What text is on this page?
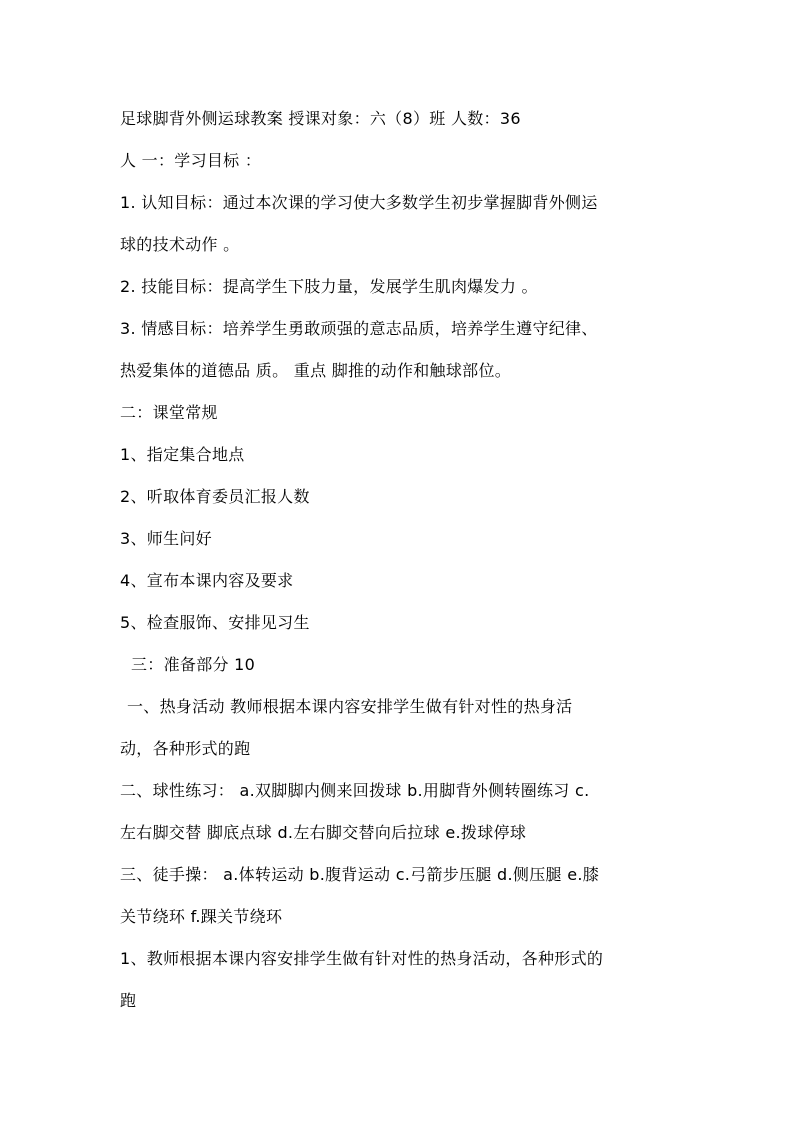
足球脚背外侧运球教案 授课对象：六（8）班 人数：36
人 一：学习目标 ：
1. 认知目标：通过本次课的学习使大多数学生初步掌握脚背外侧运
球的技术动作 。
2. 技能目标：提高学生下肢力量，发展学生肌肉爆发力 。
3. 情感目标：培养学生勇敢顽强的意志品质，培养学生遵守纪律、
热爱集体的道德品 质。 重点 脚推的动作和触球部位。
二：课堂常规
1、指定集合地点
2、听取体育委员汇报人数
3、师生问好
4、宣布本课内容及要求
5、检查服饰、安排见习生
三：准备部分 10
一、热身活动 教师根据本课内容安排学生做有针对性的热身活
动，各种形式的跑
二、球性练习： a.双脚脚内侧来回拨球 b.用脚背外侧转圈练习 c.
左右脚交替 脚底点球 d.左右脚交替向后拉球 e.拨球停球
三、徒手操： a.体转运动 b.腹背运动 c.弓箭步压腿 d.侧压腿 e.膝
关节绕环 f.踝关节绕环
1、教师根据本课内容安排学生做有针对性的热身活动，各种形式的
跑
